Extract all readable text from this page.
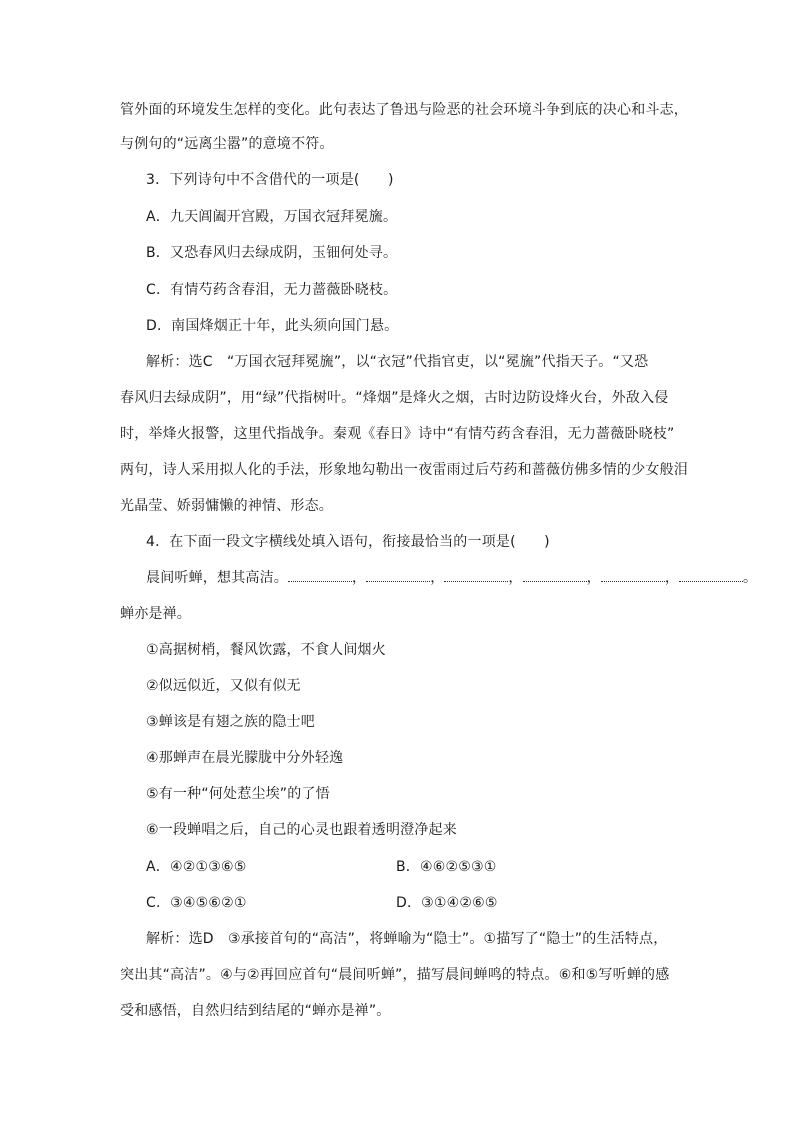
管外面的环境发生怎样的变化。此句表达了鲁迅与险恶的社会环境斗争到底的决心和斗志，
与例句的“远离尘嚣”的意境不符。
3．下列诗句中不含借代的一项是(　　)
A．九天阊阖开宫殿，万国衣冠拜冕旒。
B．又恐春风归去绿成阴，玉钿何处寻。
C．有情芍药含春泪，无力蔷薇卧晓枝。
D．南国烽烟正十年，此头须向国门悬。
解析：选C　“万国衣冠拜冕旒”，以“衣冠”代指官吏，以“冕旒”代指天子。“又恐
春风归去绿成阴”，用“绿”代指树叶。“烽烟”是烽火之烟，古时边防设烽火台，外敌入侵
时，举烽火报警，这里代指战争。秦观《春日》诗中“有情芍药含春泪，无力蔷薇卧晓枝”
两句，诗人采用拟人化的手法，形象地勾勒出一夜雷雨过后芍药和蔷薇仿佛多情的少女般泪
光晶莹、娇弱慵懒的神情、形态。
4．在下面一段文字横线处填入语句，衔接最恰当的一项是(　　)
晨间听蝉，想其高洁。	，	，	，	，	，	。
蝉亦是禅。
①高据树梢，餐风饮露，不食人间烟火
②似远似近，又似有似无
③蝉该是有翅之族的隐士吧
④那蝉声在晨光朦胧中分外轻逸
⑤有一种“何处惹尘埃”的了悟
⑥一段蝉唱之后，自己的心灵也跟着透明澄净起来
A．④②①③⑥⑤	B．④⑥②⑤③①
C．③④⑤⑥②①	D．③①④②⑥⑤
解析：选D　③承接首句的“高洁”，将蝉喻为“隐士”。①描写了“隐士”的生活特点，
突出其“高洁”。④与②再回应首句“晨间听蝉”，描写晨间蝉鸣的特点。⑥和⑤写听蝉的感
受和感悟，自然归结到结尾的“蝉亦是禅”。
